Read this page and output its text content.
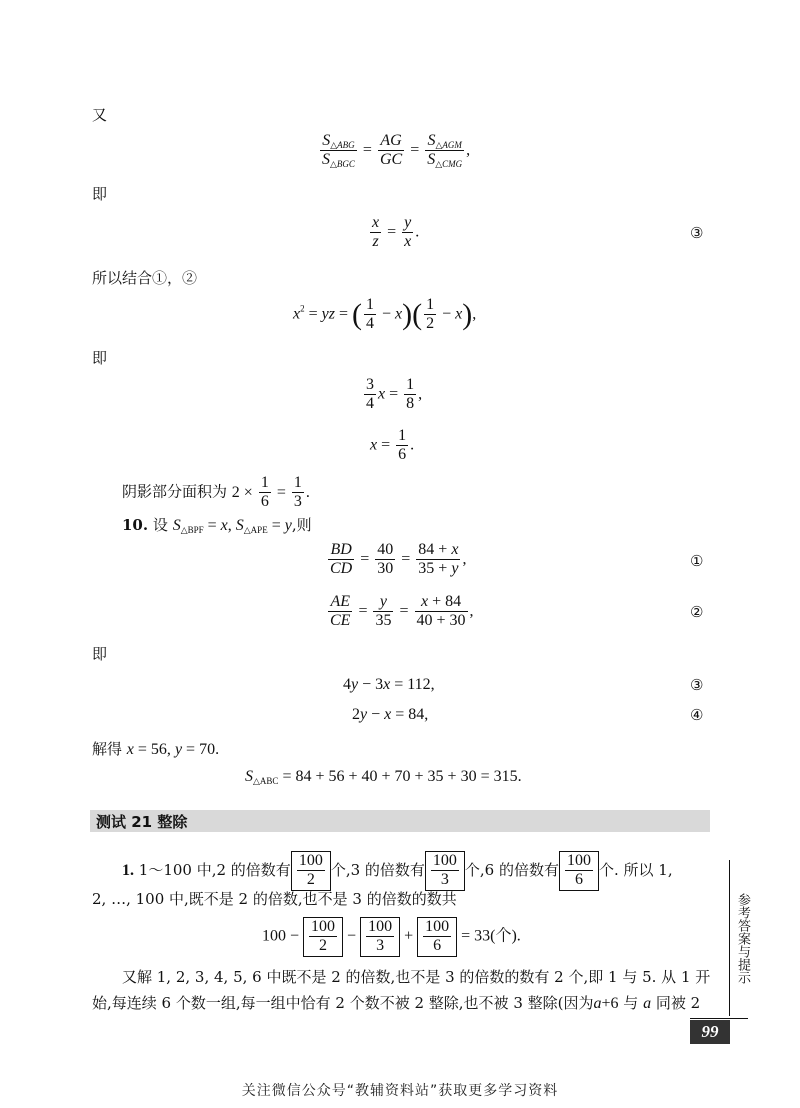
又
$\frac{S_{\triangle ABG}}{S_{\triangle BGC}} = \frac{AG}{GC} = \frac{S_{\triangle AGM}}{S_{\triangle CMG}}$ ,
即
$\frac{x}{z} = \frac{y}{x}$ .	③
所以结合①，②
$x^2$ = yz = ( $\frac{1}{4} - x)( \frac{1}{2} - x)$,
即
$\frac{3}{4}$ $x = \frac{1}{8}$ ,
$x = \frac{1}{6}$ .
阴影部分面积为 $2 \times \frac{1}{6} = \frac{1}{3}$ .
10. 设 $S_{\triangle BPF} = x$, $S_{\triangle APE} = y$,则
$\frac{BD}{CD} = \frac{40}{30} = \frac{84 + x}{35 + y}$ ,	①
$\frac{AE}{CE} = \frac{y}{35} = \frac{x + 84}{40 + 30}$ ,	②
即
4y − 3x = 112,	③
2y − x = 84,	④
解得 x = 56, y = 70.
$S_{\triangle ABC} = 84 + 56 + 40 + 70 + 35 + 30 = 315$.
测试 21 整除
1. 1～100 中,2 的倍数有 $\frac{100}{2}$ 个,3 的倍数有 $\frac{100}{3}$ 个,6 的倍数有 $\frac{100}{6}$ 个. 所以 1,
2, …, 100 中,既不是 2 的倍数,也不是 3 的倍数的数共
$100 - \frac{100}{2} - \frac{100}{3} + \frac{100}{6} = 33$(个).
又解 1, 2, 3, 4, 5, 6 中既不是 2 的倍数,也不是 3 的倍数的数有 2 个,即 1 与 5. 从 1 开
始,每连续 6 个数一组,每一组中恰有 2 个数不被 2 整除,也不被 3 整除(因为a+6 与 a 同被 2
参考答案与提示
99
关注微信公众号“教辅资料站”获取更多学习资料
